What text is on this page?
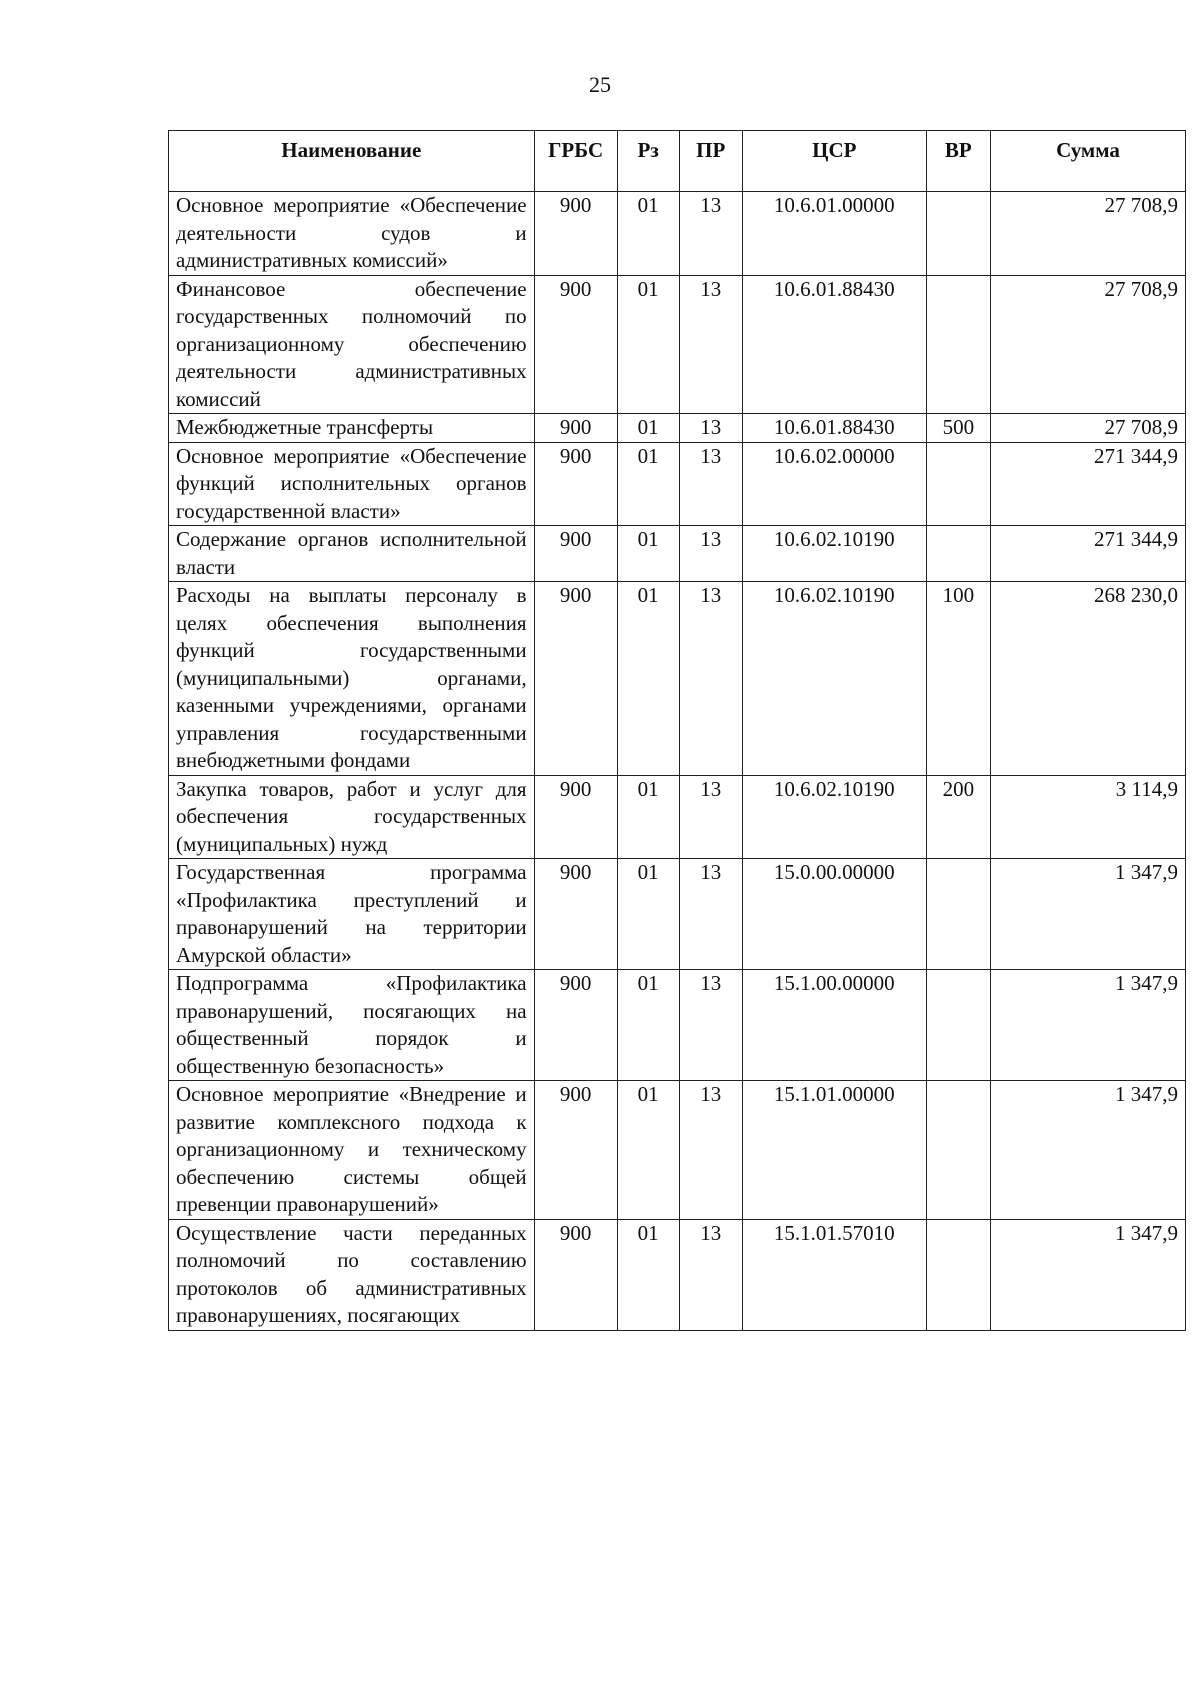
25
Наименование	ГРБС	Рз	ПР	ЦСР	ВР	Сумма
Основное мероприятие «Обеспечение деятельности судов и административных комиссий»	900	01	13	10.6.01.00000		27 708,9
Финансовое обеспечение государственных полномочий по организационному обеспечению деятельности административных комиссий	900	01	13	10.6.01.88430		27 708,9
Межбюджетные трансферты	900	01	13	10.6.01.88430	500	27 708,9
Основное мероприятие «Обеспечение функций исполнительных органов государственной власти»	900	01	13	10.6.02.00000		271 344,9
Содержание органов исполнительной власти	900	01	13	10.6.02.10190		271 344,9
Расходы на выплаты персоналу в целях обеспечения выполнения функций государственными (муниципальными) органами, казенными учреждениями, органами управления государственными внебюджетными фондами	900	01	13	10.6.02.10190	100	268 230,0
Закупка товаров, работ и услуг для обеспечения государственных (муниципальных) нужд	900	01	13	10.6.02.10190	200	3 114,9
Государственная программа «Профилактика преступлений и правонарушений на территории Амурской области»	900	01	13	15.0.00.00000		1 347,9
Подпрограмма «Профилактика правонарушений, посягающих на общественный порядок и общественную безопасность»	900	01	13	15.1.00.00000		1 347,9
Основное мероприятие «Внедрение и развитие комплексного подхода к организационному и техническому обеспечению системы общей превенции правонарушений»	900	01	13	15.1.01.00000		1 347,9
Осуществление части переданных полномочий по составлению протоколов об административных правонарушениях, посягающих	900	01	13	15.1.01.57010		1 347,9
